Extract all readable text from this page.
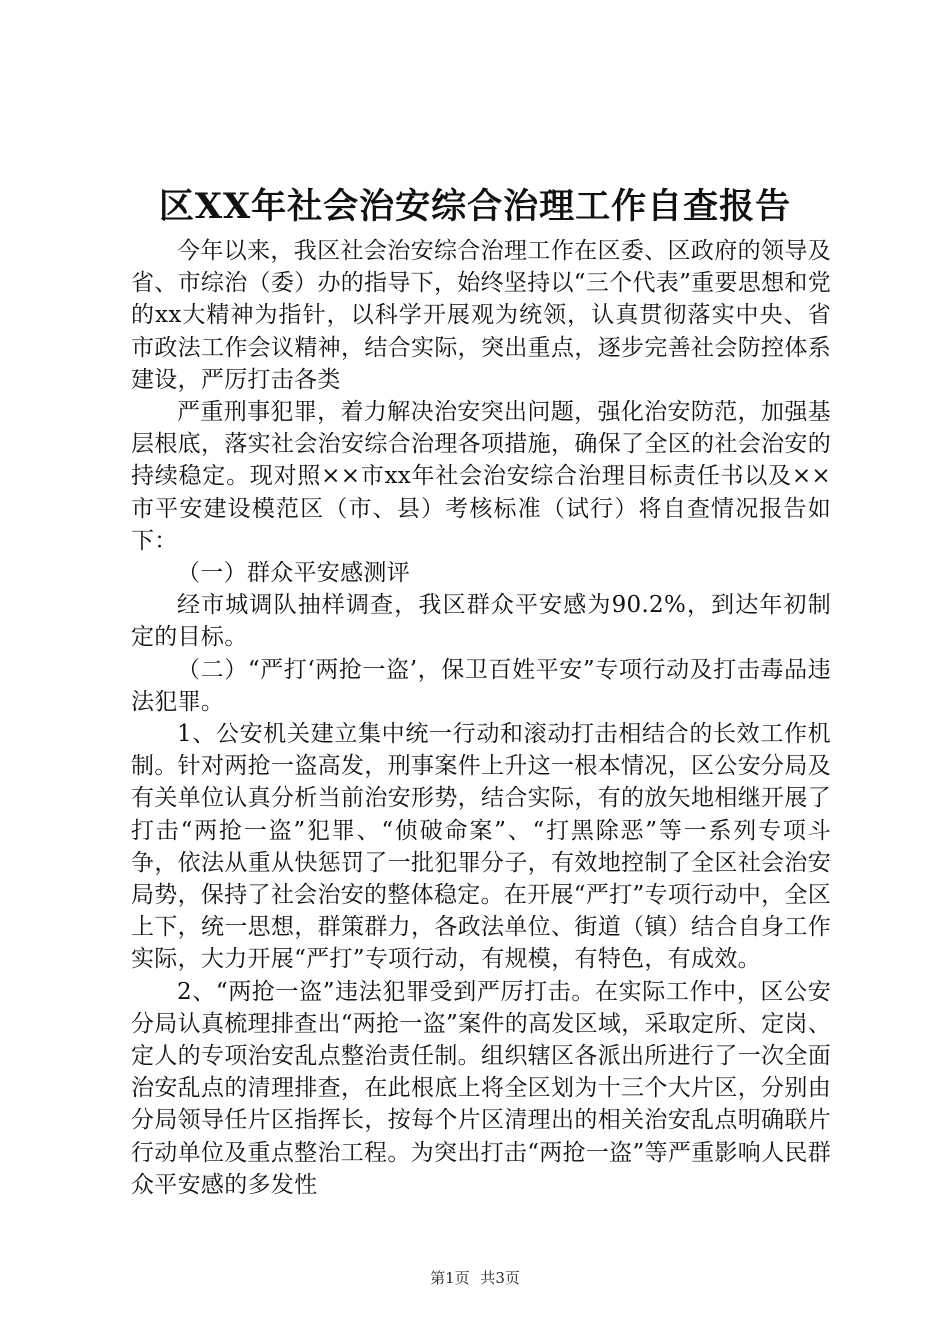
区XX年社会治安综合治理工作自查报告

今年以来，我区社会治安综合治理工作在区委、区政府的领导及省、市综治（委）办的指导下，始终坚持以“三个代表”重要思想和党的xx大精神为指针，以科学开展观为统领，认真贯彻落实中央、省市政法工作会议精神，结合实际，突出重点，逐步完善社会防控体系建设，严厉打击各类

严重刑事犯罪，着力解决治安突出问题，强化治安防范，加强基层根底，落实社会治安综合治理各项措施，确保了全区的社会治安的持续稳定。现对照××市xx年社会治安综合治理目标责任书以及××市平安建设模范区（市、县）考核标准（试行）将自查情况报告如下：

（一）群众平安感测评

经市城调队抽样调查，我区群众平安感为90.2%，到达年初制定的目标。

（二）“严打‘两抢一盗’，保卫百姓平安”专项行动及打击毒品违法犯罪。

1、公安机关建立集中统一行动和滚动打击相结合的长效工作机制。针对两抢一盗高发，刑事案件上升这一根本情况，区公安分局及有关单位认真分析当前治安形势，结合实际，有的放矢地相继开展了打击“两抢一盗”犯罪、“侦破命案”、“打黑除恶”等一系列专项斗争，依法从重从快惩罚了一批犯罪分子，有效地控制了全区社会治安局势，保持了社会治安的整体稳定。在开展“严打”专项行动中，全区上下，统一思想，群策群力，各政法单位、街道（镇）结合自身工作实际，大力开展“严打”专项行动，有规模，有特色，有成效。

2、“两抢一盗”违法犯罪受到严厉打击。在实际工作中，区公安分局认真梳理排查出“两抢一盗”案件的高发区域，采取定所、定岗、定人的专项治安乱点整治责任制。组织辖区各派出所进行了一次全面治安乱点的清理排查，在此根底上将全区划为十三个大片区，分别由分局领导任片区指挥长，按每个片区清理出的相关治安乱点明确联片行动单位及重点整治工程。为突出打击“两抢一盗”等严重影响人民群众平安感的多发性

第1页 共3页
